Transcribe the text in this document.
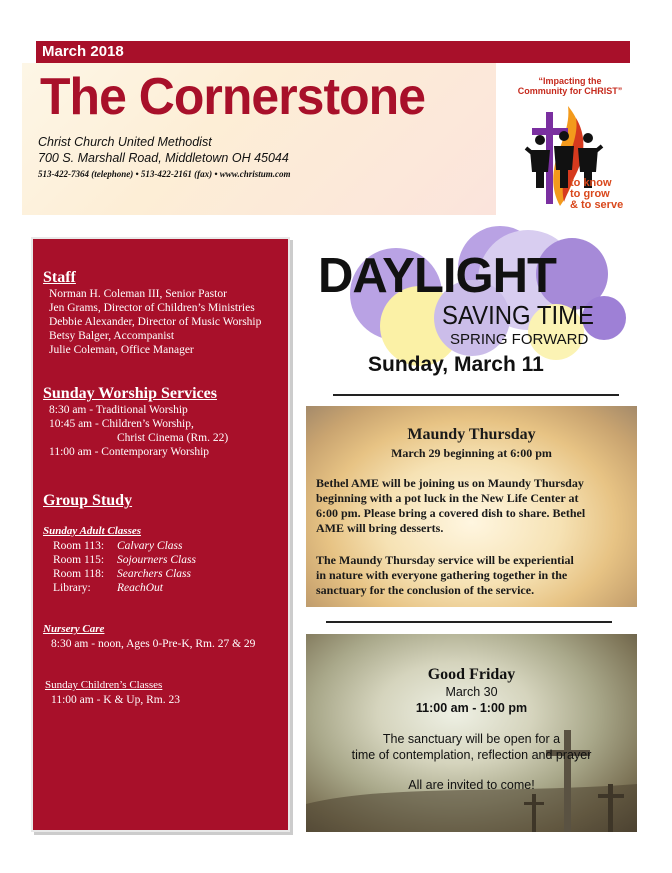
March 2018
The Cornerstone
Christ Church United Methodist
700 S. Marshall Road, Middletown OH 45044
513-422-7364 (telephone) • 513-422-2161 (fax) • www.christum.com
“Impacting the
Community for CHRIST”
to know
to grow
& to serve
Staff
Norman H. Coleman III, Senior Pastor
Jen Grams, Director of Children’s Ministries
Debbie Alexander, Director of Music Worship
Betsy Balger, Accompanist
Julie Coleman, Office Manager
Sunday Worship Services
8:30 am - Traditional Worship
10:45 am - Children’s Worship,
Christ Cinema (Rm. 22)
11:00 am - Contemporary Worship
Group Study
Sunday Adult Classes
Room 113: Calvary Class
Room 115: Sojourners Class
Room 118: Searchers Class
Library: ReachOut
Nursery Care
8:30 am - noon, Ages 0-Pre-K, Rm. 27 & 29
Sunday Children’s Classes
11:00 am - K & Up, Rm. 23
DAYLIGHT
SAVING TIME
SPRING FORWARD
Sunday, March 11
Maundy Thursday
March 29 beginning at 6:00 pm
Bethel AME will be joining us on Maundy Thursday
beginning with a pot luck in the New Life Center at
6:00 pm. Please bring a covered dish to share. Bethel
AME will bring desserts.
The Maundy Thursday service will be experiential
in nature with everyone gathering together in the
sanctuary for the conclusion of the service.
Good Friday
March 30
11:00 am - 1:00 pm
The sanctuary will be open for a
time of contemplation, reflection and prayer
All are invited to come!
